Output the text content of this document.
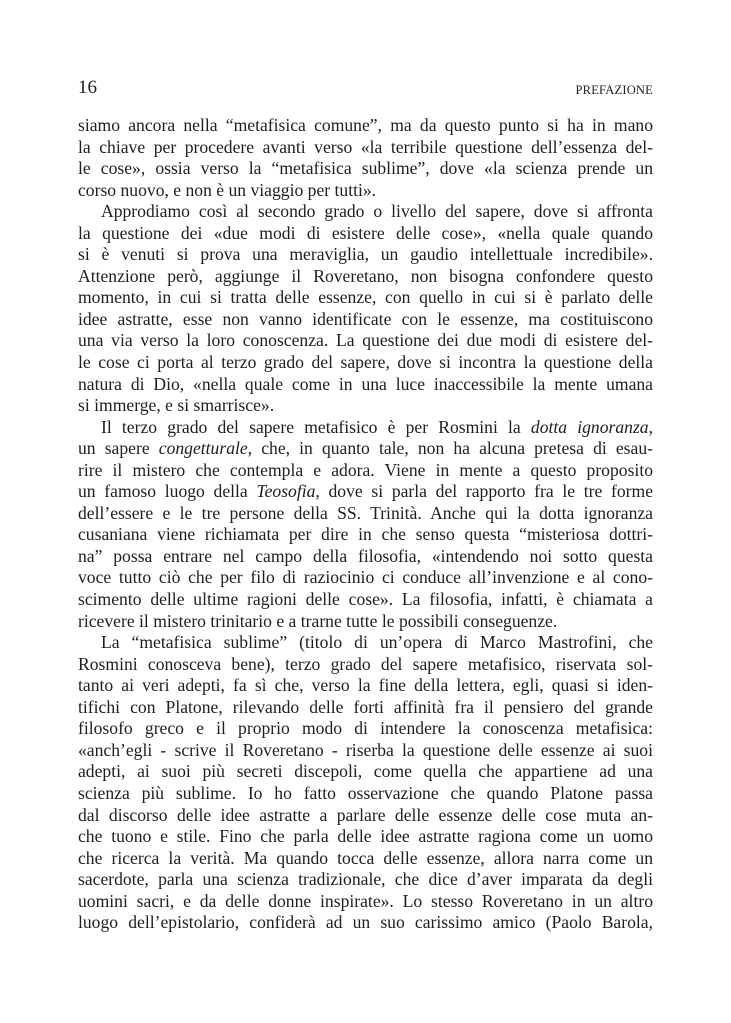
16	PREFAZIONE
siamo ancora nella “metafisica comune”, ma da questo punto si ha in mano
la chiave per procedere avanti verso «la terribile questione dell’essenza del-
le cose», ossia verso la “metafisica sublime”, dove «la scienza prende un
corso nuovo, e non è un viaggio per tutti».
Approdiamo così al secondo grado o livello del sapere, dove si affronta
la questione dei «due modi di esistere delle cose», «nella quale quando
si è venuti si prova una meraviglia, un gaudio intellettuale incredibile».
Attenzione però, aggiunge il Roveretano, non bisogna confondere questo
momento, in cui si tratta delle essenze, con quello in cui si è parlato delle
idee astratte, esse non vanno identificate con le essenze, ma costituiscono
una via verso la loro conoscenza. La questione dei due modi di esistere del-
le cose ci porta al terzo grado del sapere, dove si incontra la questione della
natura di Dio, «nella quale come in una luce inaccessibile la mente umana
si immerge, e si smarrisce».
Il terzo grado del sapere metafisico è per Rosmini la dotta ignoranza,
un sapere congetturale, che, in quanto tale, non ha alcuna pretesa di esau-
rire il mistero che contempla e adora. Viene in mente a questo proposito
un famoso luogo della Teosofia, dove si parla del rapporto fra le tre forme
dell’essere e le tre persone della SS. Trinità. Anche qui la dotta ignoranza
cusaniana viene richiamata per dire in che senso questa “misteriosa dottri-
na” possa entrare nel campo della filosofia, «intendendo noi sotto questa
voce tutto ciò che per filo di raziocinio ci conduce all’invenzione e al cono-
scimento delle ultime ragioni delle cose». La filosofia, infatti, è chiamata a
ricevere il mistero trinitario e a trarne tutte le possibili conseguenze.
La “metafisica sublime” (titolo di un’opera di Marco Mastrofini, che
Rosmini conosceva bene), terzo grado del sapere metafisico, riservata sol-
tanto ai veri adepti, fa sì che, verso la fine della lettera, egli, quasi si iden-
tifichi con Platone, rilevando delle forti affinità fra il pensiero del grande
filosofo greco e il proprio modo di intendere la conoscenza metafisica:
«anch’egli - scrive il Roveretano - riserba la questione delle essenze ai suoi
adepti, ai suoi più secreti discepoli, come quella che appartiene ad una
scienza più sublime. Io ho fatto osservazione che quando Platone passa
dal discorso delle idee astratte a parlare delle essenze delle cose muta an-
che tuono e stile. Fino che parla delle idee astratte ragiona come un uomo
che ricerca la verità. Ma quando tocca delle essenze, allora narra come un
sacerdote, parla una scienza tradizionale, che dice d’aver imparata da degli
uomini sacri, e da delle donne inspirate». Lo stesso Roveretano in un altro
luogo dell’epistolario, confiderà ad un suo carissimo amico (Paolo Barola,
